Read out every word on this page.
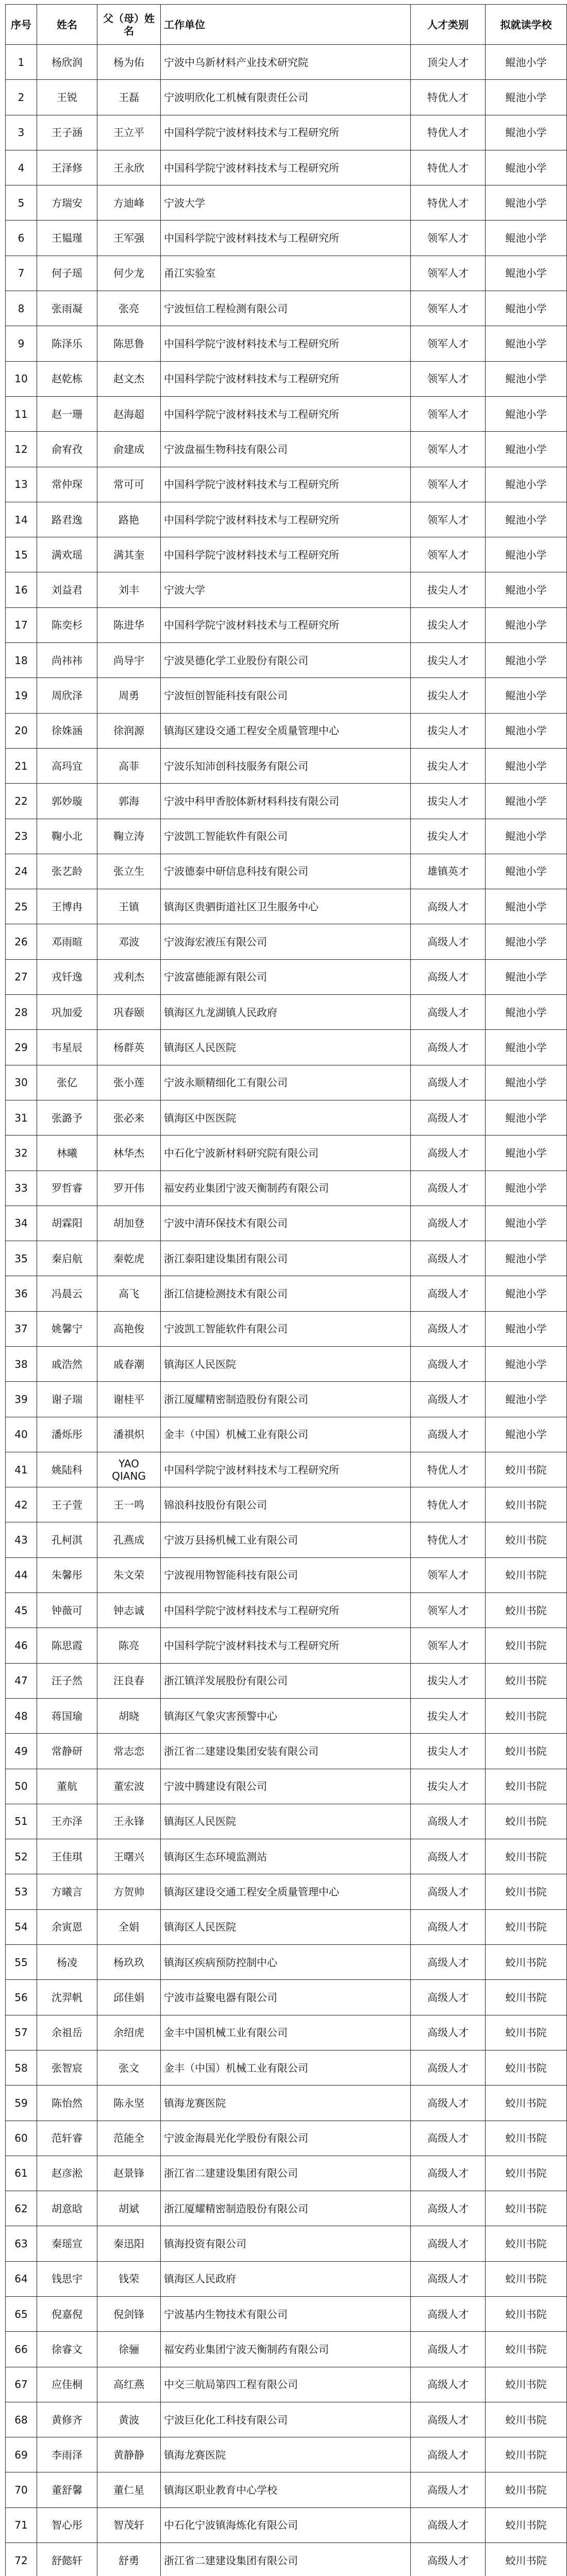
序号	姓名	父（母）姓名	工作单位	人才类别	拟就读学校
1	杨欣润	杨为佑	宁波中乌新材料产业技术研究院	顶尖人才	鲲池小学
2	王锐	王磊	宁波明欣化工机械有限责任公司	特优人才	鲲池小学
3	王子涵	王立平	中国科学院宁波材料技术与工程研究所	特优人才	鲲池小学
4	王泽修	王永欣	中国科学院宁波材料技术与工程研究所	特优人才	鲲池小学
5	方瑞安	方迪峰	宁波大学	特优人才	鲲池小学
6	王韫瑾	王军强	中国科学院宁波材料技术与工程研究所	领军人才	鲲池小学
7	何子瑶	何少龙	甬江实验室	领军人才	鲲池小学
8	张雨凝	张亮	宁波恒信工程检测有限公司	领军人才	鲲池小学
9	陈泽乐	陈思鲁	中国科学院宁波材料技术与工程研究所	领军人才	鲲池小学
10	赵乾栋	赵文杰	中国科学院宁波材料技术与工程研究所	领军人才	鲲池小学
11	赵一珊	赵海超	中国科学院宁波材料技术与工程研究所	领军人才	鲲池小学
12	俞宥孜	俞建成	宁波盘福生物科技有限公司	领军人才	鲲池小学
13	常仲琛	常可可	中国科学院宁波材料技术与工程研究所	领军人才	鲲池小学
14	路君逸	路艳	中国科学院宁波材料技术与工程研究所	领军人才	鲲池小学
15	满欢瑶	满其奎	中国科学院宁波材料技术与工程研究所	领军人才	鲲池小学
16	刘益君	刘丰	宁波大学	拔尖人才	鲲池小学
17	陈奕杉	陈进华	中国科学院宁波材料技术与工程研究所	拔尖人才	鲲池小学
18	尚祎祎	尚导宇	宁波昊德化学工业股份有限公司	拔尖人才	鲲池小学
19	周欣泽	周勇	宁波恒创智能科技有限公司	拔尖人才	鲲池小学
20	徐姝涵	徐润源	镇海区建设交通工程安全质量管理中心	拔尖人才	鲲池小学
21	高玛宜	高菲	宁波乐知沛创科技服务有限公司	拔尖人才	鲲池小学
22	郭妙璇	郭海	宁波中科甲香胶体新材料科技有限公司	拔尖人才	鲲池小学
23	鞠小北	鞠立涛	宁波凯工智能软件有限公司	拔尖人才	鲲池小学
24	张艺龄	张立生	宁波德泰中研信息科技有限公司	雄镇英才	鲲池小学
25	王博冉	王镇	镇海区贵驷街道社区卫生服务中心	高级人才	鲲池小学
26	邓雨暄	邓波	宁波海宏液压有限公司	高级人才	鲲池小学
27	戎钎逸	戎利杰	宁波富德能源有限公司	高级人才	鲲池小学
28	巩加爱	巩春颐	镇海区九龙湖镇人民政府	高级人才	鲲池小学
29	韦星辰	杨群英	镇海区人民医院	高级人才	鲲池小学
30	张亿	张小莲	宁波永顺精细化工有限公司	高级人才	鲲池小学
31	张潞予	张必来	镇海区中医医院	高级人才	鲲池小学
32	林曦	林华杰	中石化宁波新材料研究院有限公司	高级人才	鲲池小学
33	罗哲睿	罗开伟	福安药业集团宁波天衡制药有限公司	高级人才	鲲池小学
34	胡霖阳	胡加登	宁波中清环保技术有限公司	高级人才	鲲池小学
35	秦启航	秦乾虎	浙江泰阳建设集团有限公司	高级人才	鲲池小学
36	冯晨云	高飞	浙江信捷检测技术有限公司	高级人才	鲲池小学
37	姚馨宁	高艳俊	宁波凯工智能软件有限公司	高级人才	鲲池小学
38	戚浩然	戚春潮	镇海区人民医院	高级人才	鲲池小学
39	谢子瑞	谢桂平	浙江厦耀精密制造股份有限公司	高级人才	鲲池小学
40	潘烁彤	潘祺炽	金丰（中国）机械工业有限公司	高级人才	鲲池小学
41	姚陆科	YAO QIANG	中国科学院宁波材料技术与工程研究所	特优人才	蛟川书院
42	王子萱	王一鸣	锦浪科技股份有限公司	特优人才	蛟川书院
43	孔柯淇	孔燕成	宁波万县扬机械工业有限公司	特优人才	蛟川书院
44	朱馨彤	朱文荣	宁波视用物智能科技有限公司	领军人才	蛟川书院
45	钟薇可	钟志诚	中国科学院宁波材料技术与工程研究所	领军人才	蛟川书院
46	陈思霞	陈亮	中国科学院宁波材料技术与工程研究所	领军人才	蛟川书院
47	汪子然	汪良春	浙江镇洋发展股份有限公司	拔尖人才	蛟川书院
48	蒋国瑜	胡晓	镇海区气象灾害预警中心	拔尖人才	蛟川书院
49	常静研	常志恋	浙江省二建建设集团安装有限公司	拔尖人才	蛟川书院
50	董航	董宏波	宁波中腾建设有限公司	拔尖人才	蛟川书院
51	王亦泽	王永锋	镇海区人民医院	高级人才	蛟川书院
52	王佳琪	王曙兴	镇海区生态环境监测站	高级人才	蛟川书院
53	方曦言	方贺帅	镇海区建设交通工程安全质量管理中心	高级人才	蛟川书院
54	余寅恩	全娟	镇海区人民医院	高级人才	蛟川书院
55	杨凌	杨玖玖	镇海区疾病预防控制中心	高级人才	蛟川书院
56	沈羿帆	邱佳娟	宁波市益聚电器有限公司	高级人才	蛟川书院
57	余祖岳	余绍虎	金丰中国机械工业有限公司	高级人才	蛟川书院
58	张智宸	张文	金丰（中国）机械工业有限公司	高级人才	蛟川书院
59	陈怡然	陈永坚	镇海龙赛医院	高级人才	蛟川书院
60	范轩睿	范能全	宁波金海晨光化学股份有限公司	高级人才	蛟川书院
61	赵彦淞	赵景锋	浙江省二建建设集团有限公司	高级人才	蛟川书院
62	胡意晗	胡斌	浙江厦耀精密制造股份有限公司	高级人才	蛟川书院
63	秦瑶宣	秦迅阳	镇海投资有限公司	高级人才	蛟川书院
64	钱思宇	钱荣	镇海区人民政府	高级人才	蛟川书院
65	倪嘉倪	倪剑锋	宁波基内生物技术有限公司	高级人才	蛟川书院
66	徐睿文	徐骊	福安药业集团宁波天衡制药有限公司	高级人才	蛟川书院
67	应佳桐	高红燕	中交三航局第四工程有限公司	高级人才	蛟川书院
68	黄修齐	黄波	宁波巨化化工科技有限公司	高级人才	蛟川书院
69	李雨泽	黄静静	镇海龙赛医院	高级人才	蛟川书院
70	董舒馨	董仁星	镇海区职业教育中心学校	高级人才	蛟川书院
71	智心彤	智茂轩	中石化宁波镇海炼化有限公司	高级人才	蛟川书院
72	舒懿轩	舒勇	浙江省二建建设集团有限公司	高级人才	蛟川书院
